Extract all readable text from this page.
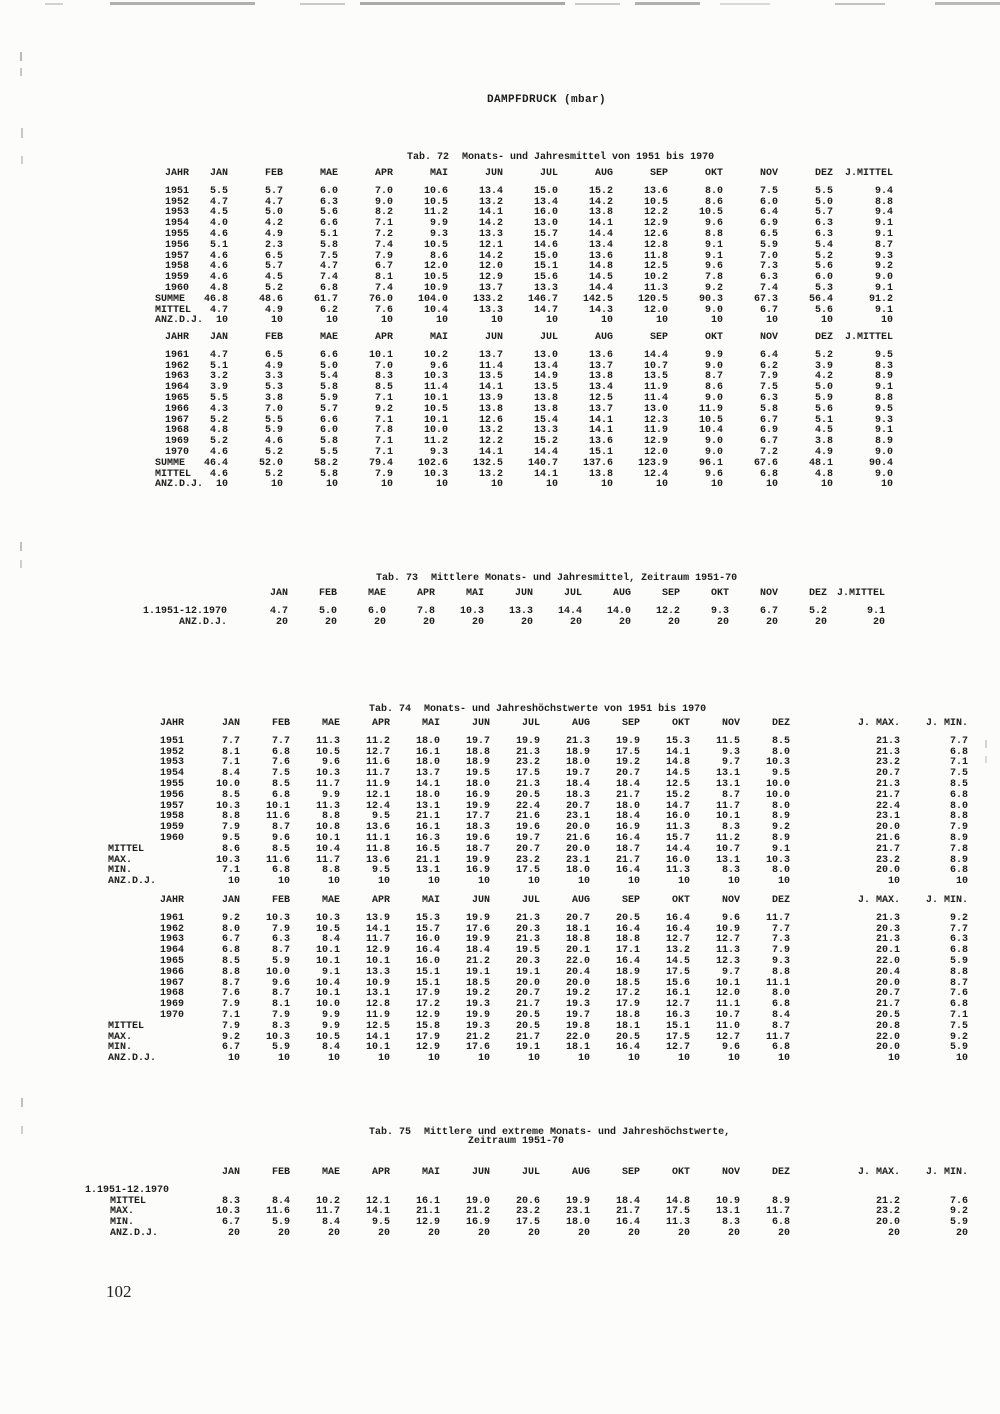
DAMPFDRUCK (mbar)

Tab. 72 Monats- und Jahresmittel von 1951 bis 1970

JAHR	JAN	FEB	MAE	APR	MAI	JUN	JUL	AUG	SEP	OKT	NOV	DEZ	J.MITTEL
1951	5.5	5.7	6.0	7.0	10.6	13.4	15.0	15.2	13.6	8.0	7.5	5.5	9.4
1952	4.7	4.7	6.3	9.0	10.5	13.2	13.4	14.2	10.5	8.6	6.0	5.0	8.8
1953	4.5	5.0	5.6	8.2	11.2	14.1	16.0	13.8	12.2	10.5	6.4	5.7	9.4
1954	4.0	4.2	6.6	7.1	9.9	14.2	13.0	14.1	12.9	9.6	6.9	6.3	9.1
1955	4.6	4.9	5.1	7.2	9.3	13.3	15.7	14.4	12.6	8.8	6.5	6.3	9.1
1956	5.1	2.3	5.8	7.4	10.5	12.1	14.6	13.4	12.8	9.1	5.9	5.4	8.7
1957	4.6	6.5	7.5	7.9	8.6	14.2	15.0	13.6	11.8	9.1	7.0	5.2	9.3
1958	4.6	5.7	4.7	6.7	12.0	12.0	15.1	14.8	12.5	9.6	7.3	5.6	9.2
1959	4.6	4.5	7.4	8.1	10.5	12.9	15.6	14.5	10.2	7.8	6.3	6.0	9.0
1960	4.8	5.2	6.8	7.4	10.9	13.7	13.3	14.4	11.3	9.2	7.4	5.3	9.1
SUMME	46.8	48.6	61.7	76.0	104.0	133.2	146.7	142.5	120.5	90.3	67.3	56.4	91.2
MITTEL	4.7	4.9	6.2	7.6	10.4	13.3	14.7	14.3	12.0	9.0	6.7	5.6	9.1
ANZ.D.J.	10	10	10	10	10	10	10	10	10	10	10	10	10
JAHR	JAN	FEB	MAE	APR	MAI	JUN	JUL	AUG	SEP	OKT	NOV	DEZ	J.MITTEL
1961	4.7	6.5	6.6	10.1	10.2	13.7	13.0	13.6	14.4	9.9	6.4	5.2	9.5
1962	5.1	4.9	5.0	7.0	9.6	11.4	13.4	13.7	10.7	9.0	6.2	3.9	8.3
1963	3.2	3.3	5.4	8.3	10.3	13.5	14.9	13.8	13.5	8.7	7.9	4.2	8.9
1964	3.9	5.3	5.8	8.5	11.4	14.1	13.5	13.4	11.9	8.6	7.5	5.0	9.1
1965	5.5	3.8	5.9	7.1	10.1	13.9	13.8	12.5	11.4	9.0	6.3	5.9	8.8
1966	4.3	7.0	5.7	9.2	10.5	13.8	13.8	13.7	13.0	11.9	5.8	5.6	9.5
1967	5.2	5.5	6.6	7.1	10.1	12.6	15.4	14.1	12.3	10.5	6.7	5.1	9.3
1968	4.8	5.9	6.0	7.8	10.0	13.2	13.3	14.1	11.9	10.4	6.9	4.5	9.1
1969	5.2	4.6	5.8	7.1	11.2	12.2	15.2	13.6	12.9	9.0	6.7	3.8	8.9
1970	4.6	5.2	5.5	7.1	9.3	14.1	14.4	15.1	12.0	9.0	7.2	4.9	9.0
SUMME	46.4	52.0	58.2	79.4	102.6	132.5	140.7	137.6	123.9	96.1	67.6	48.1	90.4
MITTEL	4.6	5.2	5.8	7.9	10.3	13.2	14.1	13.8	12.4	9.6	6.8	4.8	9.0
ANZ.D.J.	10	10	10	10	10	10	10	10	10	10	10	10	10

Tab. 73 Mittlere Monats- und Jahresmittel, Zeitraum 1951-70

	JAN	FEB	MAE	APR	MAI	JUN	JUL	AUG	SEP	OKT	NOV	DEZ	J.MITTEL
1.1951-12.1970	4.7	5.0	6.0	7.8	10.3	13.3	14.4	14.0	12.2	9.3	6.7	5.2	9.1
ANZ.D.J.	20	20	20	20	20	20	20	20	20	20	20	20	20

Tab. 74 Monats- und Jahreshöchstwerte von 1951 bis 1970

JAHR	JAN	FEB	MAE	APR	MAI	JUN	JUL	AUG	SEP	OKT	NOV	DEZ	J. MAX.	J. MIN.
1951	7.7	7.7	11.3	11.2	18.0	19.7	19.9	21.3	19.9	15.3	11.5	8.5	21.3	7.7
1952	8.1	6.8	10.5	12.7	16.1	18.8	21.3	18.9	17.5	14.1	9.3	8.0	21.3	6.8
1953	7.1	7.6	9.6	11.6	18.0	18.9	23.2	18.0	19.2	14.8	9.7	10.3	23.2	7.1
1954	8.4	7.5	10.3	11.7	13.7	19.5	17.5	19.7	20.7	14.5	13.1	9.5	20.7	7.5
1955	10.0	8.5	11.7	11.9	14.1	18.0	21.3	18.4	18.4	12.5	13.1	10.0	21.3	8.5
1956	8.5	6.8	9.9	12.1	18.0	16.9	20.5	18.3	21.7	15.2	8.7	10.0	21.7	6.8
1957	10.3	10.1	11.3	12.4	13.1	19.9	22.4	20.7	18.0	14.7	11.7	8.0	22.4	8.0
1958	8.8	11.6	8.8	9.5	21.1	17.7	21.6	23.1	18.4	16.0	10.1	8.9	23.1	8.8
1959	7.9	8.7	10.8	13.6	16.1	18.3	19.6	20.0	16.9	11.3	8.3	9.2	20.0	7.9
1960	9.5	9.6	10.1	11.1	16.3	19.6	19.7	21.6	16.4	15.7	11.2	8.9	21.6	8.9
MITTEL	8.6	8.5	10.4	11.8	16.5	18.7	20.7	20.0	18.7	14.4	10.7	9.1	21.7	7.8
MAX.	10.3	11.6	11.7	13.6	21.1	19.9	23.2	23.1	21.7	16.0	13.1	10.3	23.2	8.9
MIN.	7.1	6.8	8.8	9.5	13.1	16.9	17.5	18.0	16.4	11.3	8.3	8.0	20.0	6.8
ANZ.D.J.	10	10	10	10	10	10	10	10	10	10	10	10	10	10
JAHR	JAN	FEB	MAE	APR	MAI	JUN	JUL	AUG	SEP	OKT	NOV	DEZ	J. MAX.	J. MIN.
1961	9.2	10.3	10.3	13.9	15.3	19.9	21.3	20.7	20.5	16.4	9.6	11.7	21.3	9.2
1962	8.0	7.9	10.5	14.1	15.7	17.6	20.3	18.1	16.4	16.4	10.9	7.7	20.3	7.7
1963	6.7	6.3	8.4	11.7	16.0	19.9	21.3	18.8	18.8	12.7	12.7	7.3	21.3	6.3
1964	6.8	8.7	10.1	12.9	16.4	18.4	19.5	20.1	17.1	13.2	11.3	7.9	20.1	6.8
1965	8.5	5.9	10.1	10.1	16.0	21.2	20.3	22.0	16.4	14.5	12.3	9.3	22.0	5.9
1966	8.8	10.0	9.1	13.3	15.1	19.1	19.1	20.4	18.9	17.5	9.7	8.8	20.4	8.8
1967	8.7	9.6	10.4	10.9	15.1	18.5	20.0	20.0	18.5	15.6	10.1	11.1	20.0	8.7
1968	7.6	8.7	10.1	13.1	17.9	19.2	20.7	19.2	17.2	16.1	12.0	8.0	20.7	7.6
1969	7.9	8.1	10.0	12.8	17.2	19.3	21.7	19.3	17.9	12.7	11.1	6.8	21.7	6.8
1970	7.1	7.9	9.9	11.9	12.9	19.9	20.5	19.7	18.8	16.3	10.7	8.4	20.5	7.1
MITTEL	7.9	8.3	9.9	12.5	15.8	19.3	20.5	19.8	18.1	15.1	11.0	8.7	20.8	7.5
MAX.	9.2	10.3	10.5	14.1	17.9	21.2	21.7	22.0	20.5	17.5	12.7	11.7	22.0	9.2
MIN.	6.7	5.9	8.4	10.1	12.9	17.6	19.1	18.1	16.4	12.7	9.6	6.8	20.0	5.9
ANZ.D.J.	10	10	10	10	10	10	10	10	10	10	10	10	10	10

Tab. 75 Mittlere und extreme Monats- und Jahreshöchstwerte,

Zeitraum 1951-70
	JAN	FEB	MAE	APR	MAI	JUN	JUL	AUG	SEP	OKT	NOV	DEZ	J. MAX.	J. MIN.
1.1951-12.1970														
MITTEL	8.3	8.4	10.2	12.1	16.1	19.0	20.6	19.9	18.4	14.8	10.9	8.9	21.2	7.6
MAX.	10.3	11.6	11.7	14.1	21.1	21.2	23.2	23.1	21.7	17.5	13.1	11.7	23.2	9.2
MIN.	6.7	5.9	8.4	9.5	12.9	16.9	17.5	18.0	16.4	11.3	8.3	6.8	20.0	5.9
ANZ.D.J.	20	20	20	20	20	20	20	20	20	20	20	20	20	20
102
